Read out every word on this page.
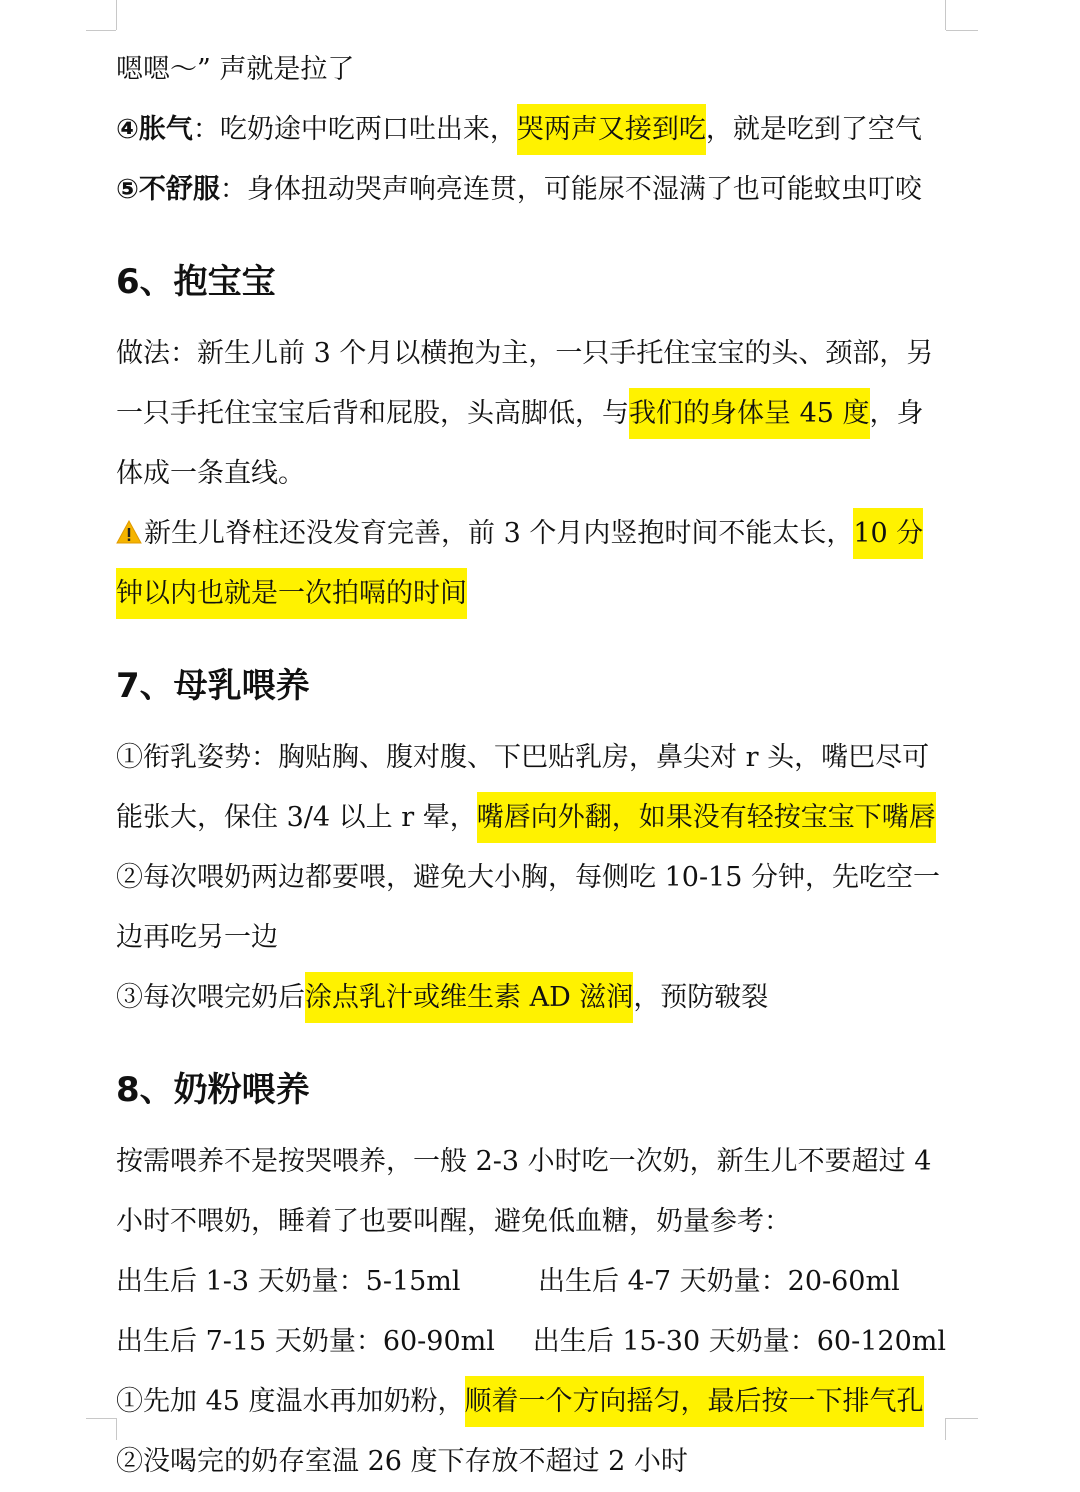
嗯嗯～” 声就是拉了
④胀气：吃奶途中吃两口吐出来，哭两声又接到吃，就是吃到了空气
⑤不舒服：身体扭动哭声响亮连贯，可能尿不湿满了也可能蚊虫叮咬
6、抱宝宝
做法：新生儿前 3 个月以横抱为主，一只手托住宝宝的头、颈部，另
一只手托住宝宝后背和屁股，头高脚低，与我们的身体呈 45 度，身
体成一条直线。
新生儿脊柱还没发育完善，前 3 个月内竖抱时间不能太长，10 分
钟以内也就是一次拍嗝的时间
7、母乳喂养
①衔乳姿势：胸贴胸、腹对腹、下巴贴乳房，鼻尖对 r 头，嘴巴尽可
能张大，保住 3/4 以上 r 晕，嘴唇向外翻，如果没有轻按宝宝下嘴唇
②每次喂奶两边都要喂，避免大小胸，每侧吃 10-15 分钟，先吃空一
边再吃另一边
③每次喂完奶后涂点乳汁或维生素 AD 滋润，预防皲裂
8、奶粉喂养
按需喂养不是按哭喂养，一般 2-3 小时吃一次奶，新生儿不要超过 4
小时不喂奶，睡着了也要叫醒，避免低血糖，奶量参考：
出生后 1-3 天奶量：5-15ml	出生后 4-7 天奶量：20-60ml
出生后 7-15 天奶量：60-90ml	出生后 15-30 天奶量：60-120ml
①先加 45 度温水再加奶粉，顺着一个方向摇匀，最后按一下排气孔
②没喝完的奶存室温 26 度下存放不超过 2 小时
